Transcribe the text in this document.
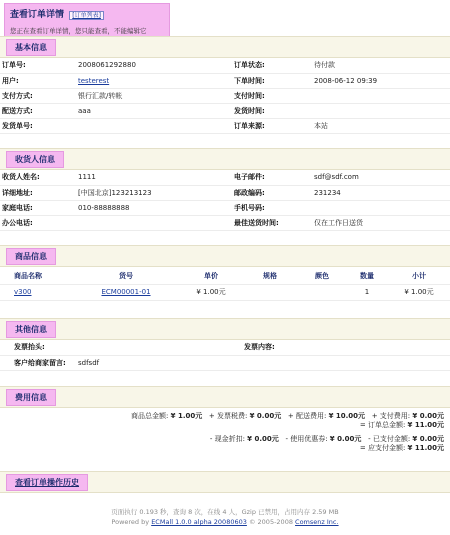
查看订单详情 [订单列表]
您正在查看订单详情，您只能查看，不能编辑它
基本信息
订单号:	2008061292880	订单状态:	待付款
用户:	testerest	下单时间:	2008-06-12 09:39
支付方式:	银行汇款/转帐	支付时间:	
配送方式:	aaa	发货时间:	
发货单号:		订单来源:	本站
收货人信息
收货人姓名:	1111	电子邮件:	sdf@sdf.com
详细地址:	[中国北京]123213123	邮政编码:	231234
家庭电话:	010-88888888	手机号码:	
办公电话:		最佳送货时间:	仅在工作日送货
商品信息
商品名称	货号	单价	规格	颜色	数量	小计
v300	ECM00001-01	¥ 1.00元			1	¥ 1.00元
其他信息
发票抬头:		发票内容:	
客户给商家留言:	sdfsdf		
费用信息
商品总金额: ¥ 1.00元 + 发票税费: ¥ 0.00元 + 配送费用: ¥ 10.00元 + 支付费用: ¥ 0.00元
= 订单总金额: ¥ 11.00元
- 现金折扣: ¥ 0.00元 - 使用优惠券: ¥ 0.00元 - 已支付金额: ¥ 0.00元
= 应支付金额: ¥ 11.00元
查看订单操作历史
页面执行 0.193 秒，查询 8 次，在线 4 人，Gzip 已禁用，占用内存 2.59 MB
Powered by ECMall 1.0.0 alpha 20080603 © 2005-2008 Comsenz Inc.
